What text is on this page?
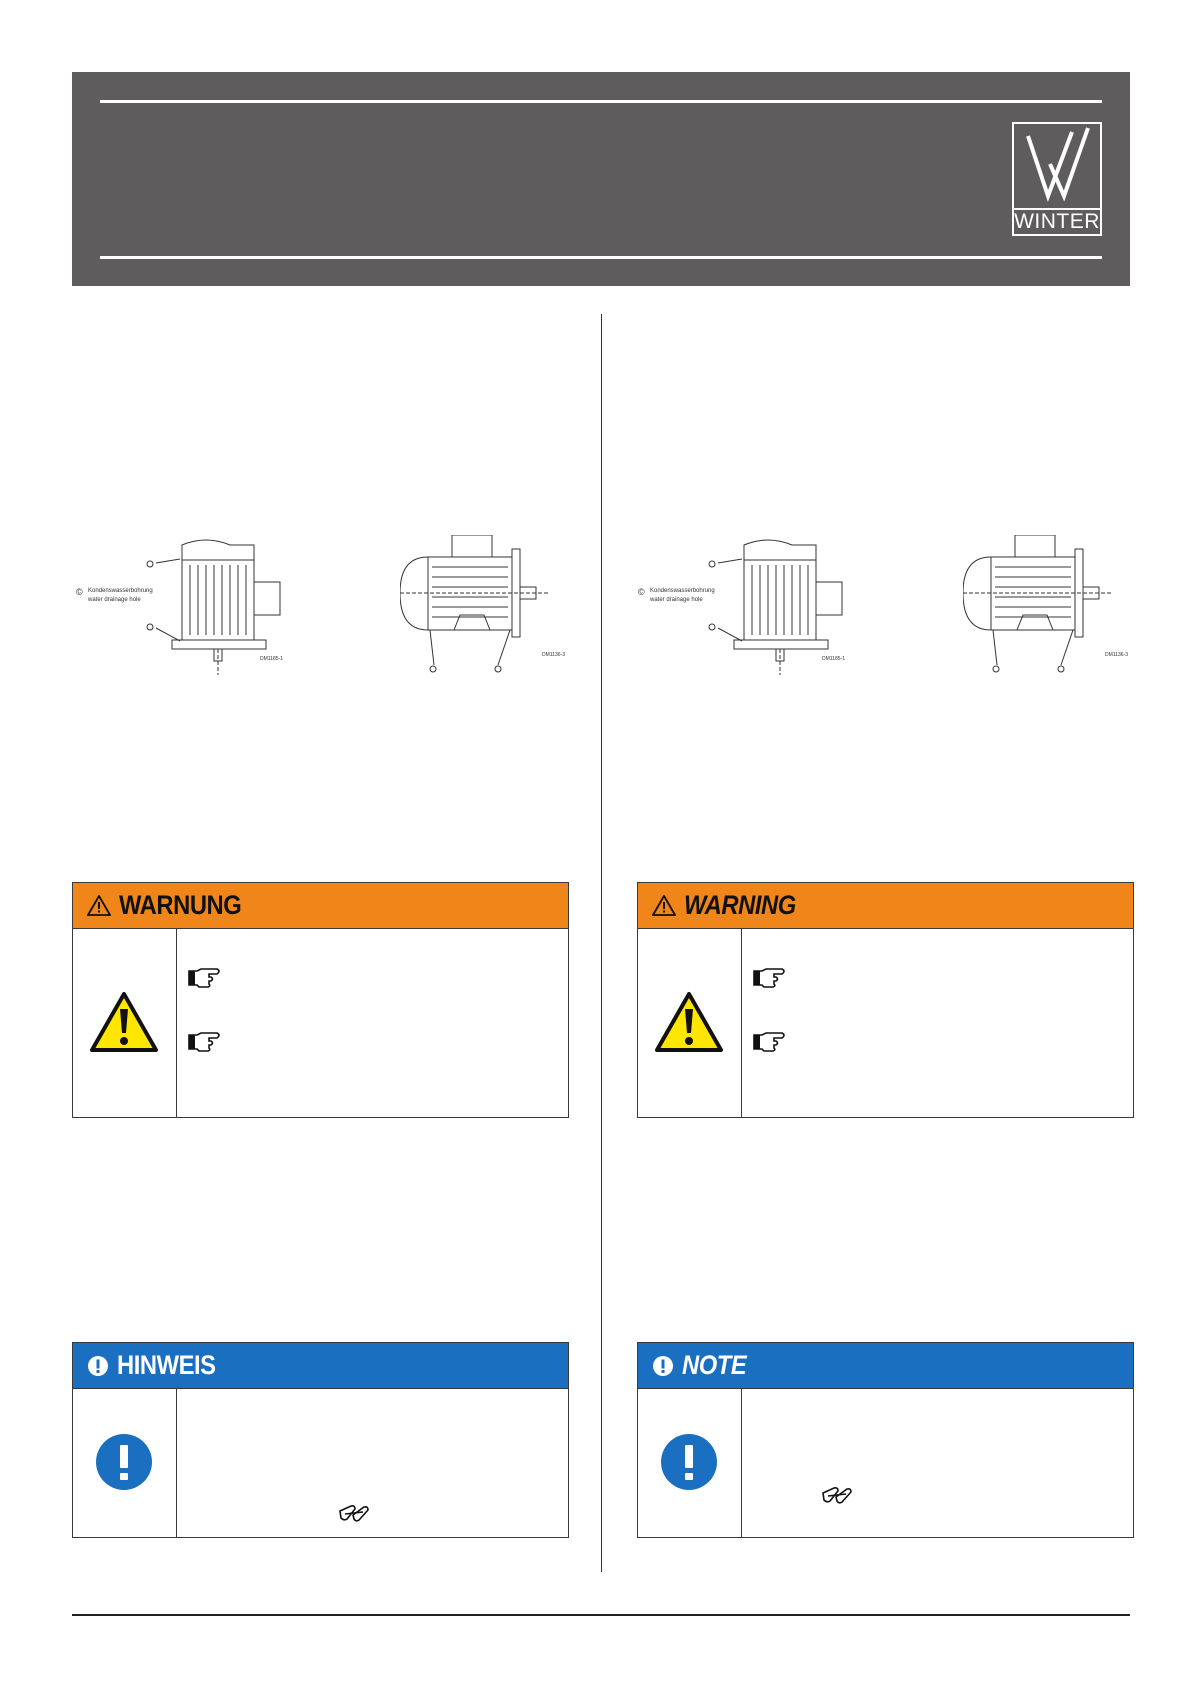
WINTER
© Kondenswasserbohrung
water drainage hole
DM1185-1
DM1136-3
© Kondenswasserbohrung
water drainage hole
DM1185-1
DM1136-3
WARNUNG	WARNING
HINWEIS	NOTE
